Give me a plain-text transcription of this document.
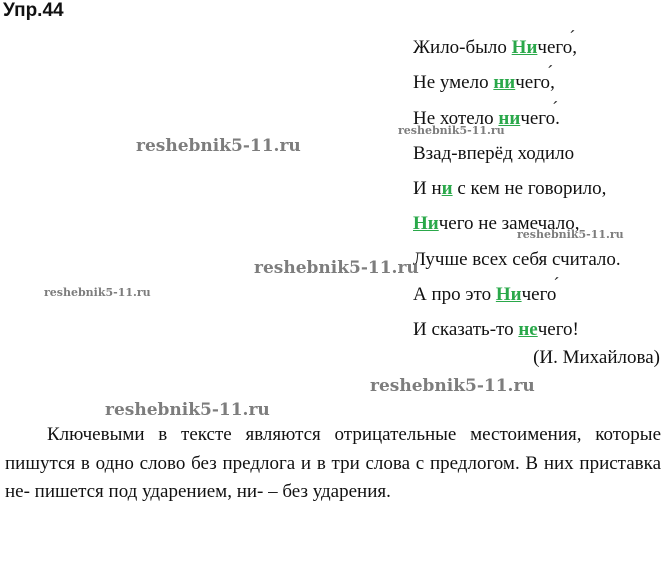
Упр.44
Жило-было Ничего ´,
Не умело ничего ´,
Не хотело ничего ´.
Взад-вперёд ходило
И ни с кем не говорило,
Ничего не замечало,
Лучше всех себя считало.
А про это Ничего ´
И сказать-то нечего!
(И. Михайлова)
reshebnik5-11.ru
reshebnik5-11.ru
reshebnik5-11.ru
reshebnik5-11.ru
reshebnik5-11.ru
reshebnik5-11.ru
reshebnik5-11.ru

Ключевыми в тексте являются отрицательные местоимения, которые пишутся в одно слово без предлога и в три слова с предлогом. В них приставка не- пишется под ударением, ни- – без ударения.
